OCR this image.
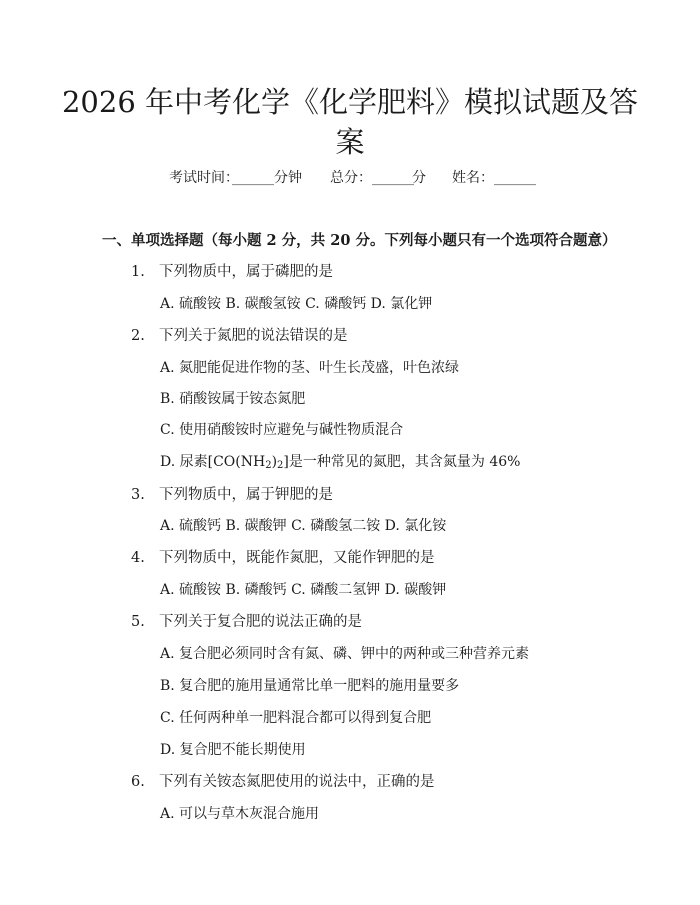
2026 年中考化学《化学肥料》模拟试题及答
案
考试时间：
______ 分钟 总分： ______
分 姓名： ______
一、单项选择题（每小题 2 分，共 20 分。下列每小题只有一个选项符合题意）
1. 下列物质中，属于磷肥的是
A. 硫酸铵 B. 碳酸氢铵 C. 磷酸钙 D. 氯化钾
2. 下列关于氮肥的说法错误的是
A. 氮肥能促进作物的茎、叶生长茂盛，叶色浓绿
B. 硝酸铵属于铵态氮肥
C. 使用硝酸铵时应避免与碱性物质混合
D. 尿素$[CO(NH_2)_2]$是一种常见的氮肥，其含氮量为 46%
3. 下列物质中，属于钾肥的是
A. 硫酸钙 B. 碳酸钾 C. 磷酸氢二铵 D. 氯化铵
4. 下列物质中，既能作氮肥，又能作钾肥的是
A. 硫酸铵 B. 磷酸钙 C. 磷酸二氢钾 D. 碳酸钾
5. 下列关于复合肥的说法正确的是
A. 复合肥必须同时含有氮、磷、钾中的两种或三种营养元素
B. 复合肥的施用量通常比单一肥料的施用量要多
C. 任何两种单一肥料混合都可以得到复合肥
D. 复合肥不能长期使用
6. 下列有关铵态氮肥使用的说法中，正确的是
A. 可以与草木灰混合施用
